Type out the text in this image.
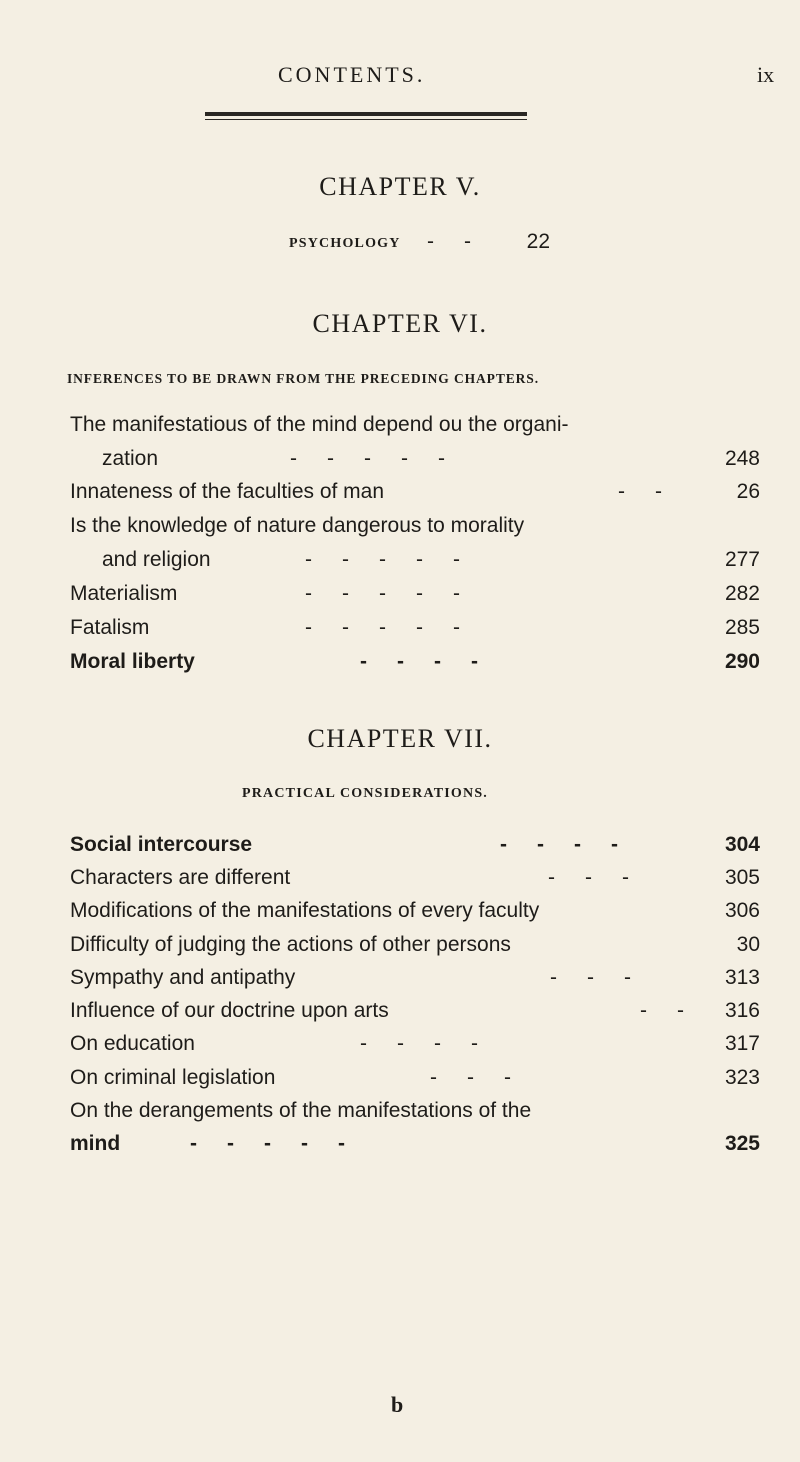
CONTENTS.	ix
CHAPTER V.
PSYCHOLOGY -- 22
CHAPTER VI.
INFERENCES TO BE DRAWN FROM THE PRECEDING CHAPTERS.
The manifestatious of the mind depend ou the organi-
zation	-----	248
Innateness of the faculties of man	-- 26
Is the knowledge of nature dangerous to morality
and religion	-----	277
Materialism	-----	282
Fatalism	-----	285
Moral liberty	----	290
CHAPTER VII.
PRACTICAL CONSIDERATIONS.
Social intercourse	----	304
Characters are different	---	305
Modifications of the manifestations of every faculty	306
Difficulty of judging the actions of other persons	30
Sympathy and antipathy	---	313
Influence of our doctrine upon arts	-- 316
On education	----	317
On criminal legislation	---	323
On the derangements of the manifestations of the
mind	-----	325
b
